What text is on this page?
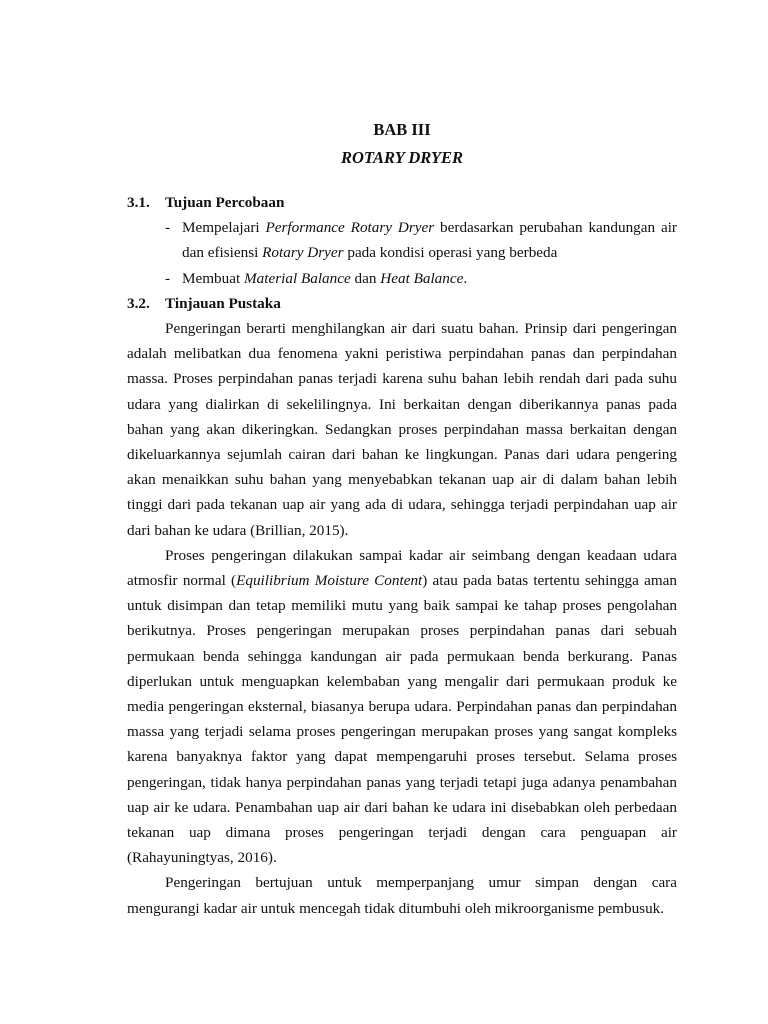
BAB III
ROTARY DRYER
3.1.	Tujuan Percobaan
- Mempelajari Performance Rotary Dryer berdasarkan perubahan kandungan air dan efisiensi Rotary Dryer pada kondisi operasi yang berbeda
- Membuat Material Balance dan Heat Balance.
3.2.	Tinjauan Pustaka

Pengeringan berarti menghilangkan air dari suatu bahan. Prinsip dari pengeringan adalah melibatkan dua fenomena yakni peristiwa perpindahan panas dan perpindahan massa. Proses perpindahan panas terjadi karena suhu bahan lebih rendah dari pada suhu udara yang dialirkan di sekelilingnya. Ini berkaitan dengan diberikannya panas pada bahan yang akan dikeringkan. Sedangkan proses perpindahan massa berkaitan dengan dikeluarkannya sejumlah cairan dari bahan ke lingkungan. Panas dari udara pengering akan menaikkan suhu bahan yang menyebabkan tekanan uap air di dalam bahan lebih tinggi dari pada tekanan uap air yang ada di udara, sehingga terjadi perpindahan uap air dari bahan ke udara (Brillian, 2015).

Proses pengeringan dilakukan sampai kadar air seimbang dengan keadaan udara atmosfir normal (Equilibrium Moisture Content) atau pada batas tertentu sehingga aman untuk disimpan dan tetap memiliki mutu yang baik sampai ke tahap proses pengolahan berikutnya. Proses pengeringan merupakan proses perpindahan panas dari sebuah permukaan benda sehingga kandungan air pada permukaan benda berkurang. Panas diperlukan untuk menguapkan kelembaban yang mengalir dari permukaan produk ke media pengeringan eksternal, biasanya berupa udara. Perpindahan panas dan perpindahan massa yang terjadi selama proses pengeringan merupakan proses yang sangat kompleks karena banyaknya faktor yang dapat mempengaruhi proses tersebut. Selama proses pengeringan, tidak hanya perpindahan panas yang terjadi tetapi juga adanya penambahan uap air ke udara. Penambahan uap air dari bahan ke udara ini disebabkan oleh perbedaan tekanan uap dimana proses pengeringan terjadi dengan cara penguapan air (Rahayuningtyas, 2016).

Pengeringan bertujuan untuk memperpanjang umur simpan dengan cara mengurangi kadar air untuk mencegah tidak ditumbuhi oleh mikroorganisme pembusuk.
